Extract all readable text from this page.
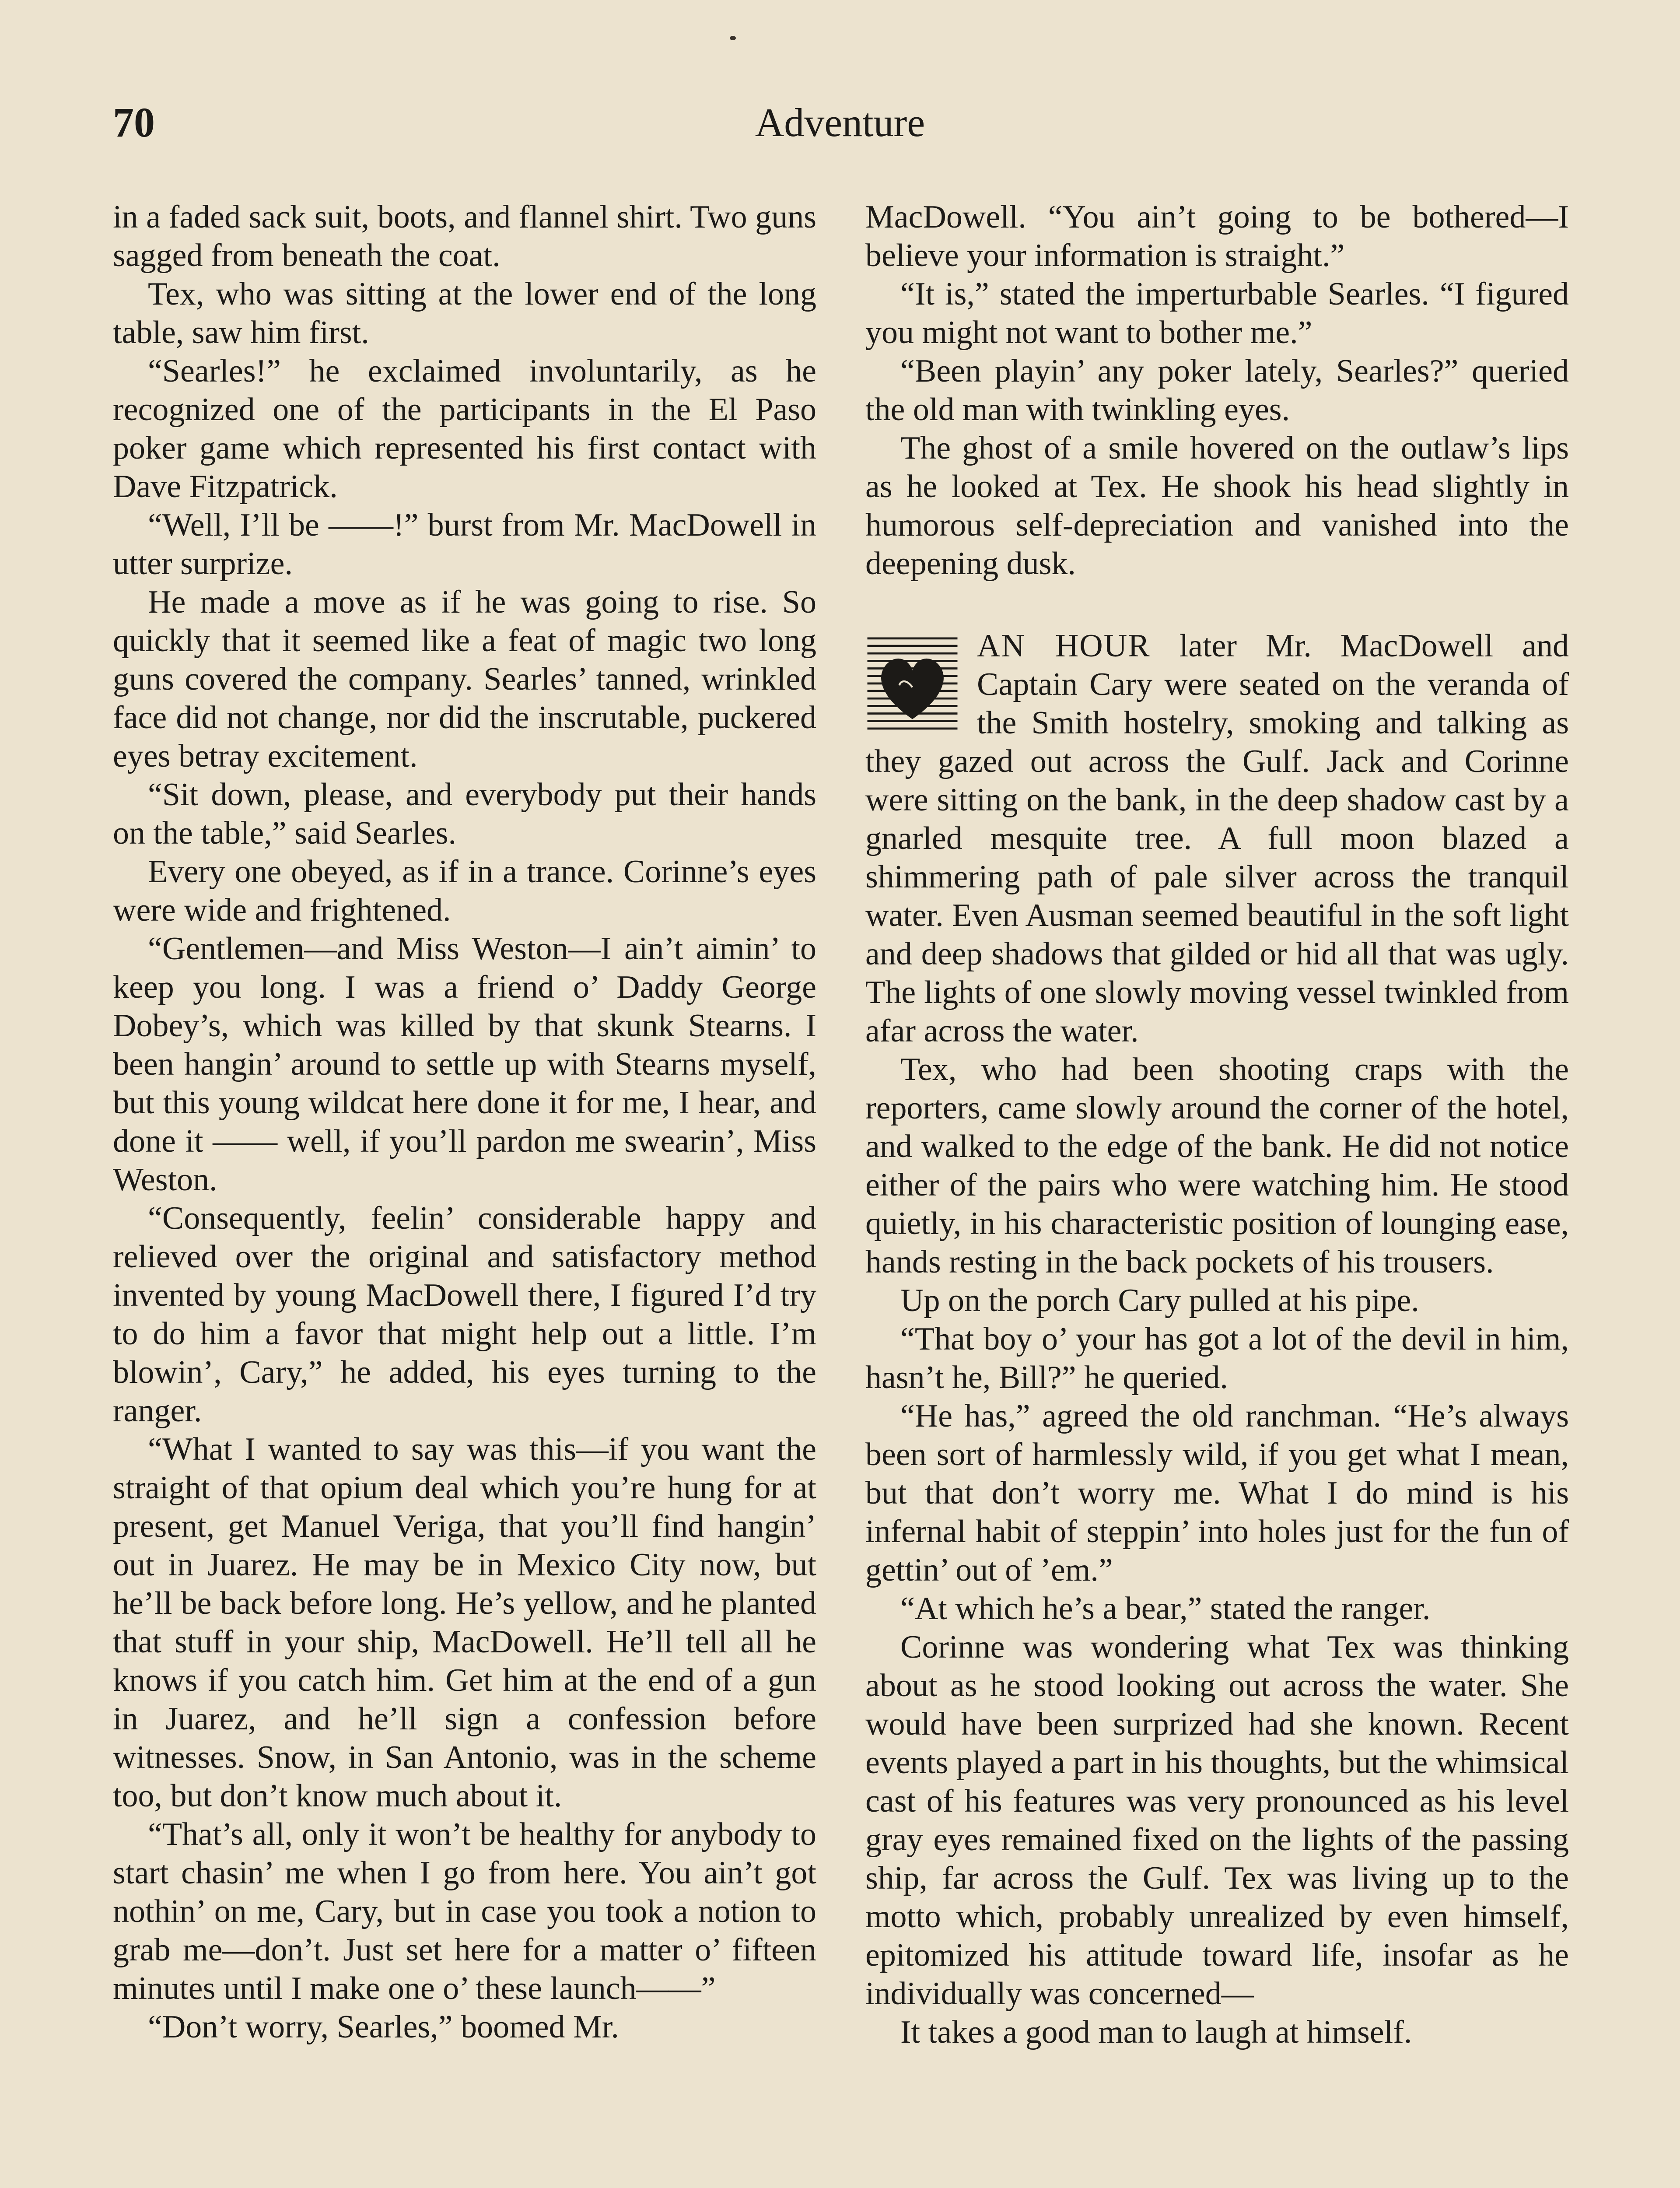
70	Adventure

in a faded sack suit, boots, and flannel shirt. Two guns sagged from beneath the coat.

Tex, who was sitting at the lower end of the long table, saw him first.

“Searles!” he exclaimed involuntarily, as he recognized one of the participants in the El Paso poker game which represented his first contact with Dave Fitzpatrick.

“Well, I’ll be ——!” burst from Mr. MacDowell in utter surprize.

He made a move as if he was going to rise. So quickly that it seemed like a feat of magic two long guns covered the company. Searles’ tanned, wrinkled face did not change, nor did the inscrutable, puckered eyes betray excitement.

“Sit down, please, and everybody put their hands on the table,” said Searles.

Every one obeyed, as if in a trance. Corinne’s eyes were wide and frightened.

“Gentlemen—and Miss Weston—I ain’t aimin’ to keep you long. I was a friend o’ Daddy George Dobey’s, which was killed by that skunk Stearns. I been hangin’ around to settle up with Stearns myself, but this young wildcat here done it for me, I hear, and done it —— well, if you’ll pardon me swearin’, Miss Weston.

“Consequently, feelin’ considerable happy and relieved over the original and satisfactory method invented by young MacDowell there, I figured I’d try to do him a favor that might help out a little. I’m blowin’, Cary,” he added, his eyes turning to the ranger.

“What I wanted to say was this—if you want the straight of that opium deal which you’re hung for at present, get Manuel Veriga, that you’ll find hangin’ out in Juarez. He may be in Mexico City now, but he’ll be back before long. He’s yellow, and he planted that stuff in your ship, MacDowell. He’ll tell all he knows if you catch him. Get him at the end of a gun in Juarez, and he’ll sign a confession before witnesses. Snow, in San Antonio, was in the scheme too, but don’t know much about it.

“That’s all, only it won’t be healthy for anybody to start chasin’ me when I go from here. You ain’t got nothin’ on me, Cary, but in case you took a notion to grab me—don’t. Just set here for a matter o’ fifteen minutes until I make one o’ these launch——”

“Don’t worry, Searles,” boomed Mr.

MacDowell. “You ain’t going to be bothered—I believe your information is straight.”

“It is,” stated the imperturbable Searles. “I figured you might not want to bother me.”

“Been playin’ any poker lately, Searles?” queried the old man with twinkling eyes.

The ghost of a smile hovered on the outlaw’s lips as he looked at Tex. He shook his head slightly in humorous self-depreciation and vanished into the deepening dusk.

AN HOUR later Mr. MacDowell and Captain Cary were seated on the veranda of the Smith hostelry, smoking and talking as they gazed out across the Gulf. Jack and Corinne were sitting on the bank, in the deep shadow cast by a gnarled mesquite tree. A full moon blazed a shimmering path of pale silver across the tranquil water. Even Ausman seemed beautiful in the soft light and deep shadows that gilded or hid all that was ugly. The lights of one slowly moving vessel twinkled from afar across the water.

Tex, who had been shooting craps with the reporters, came slowly around the corner of the hotel, and walked to the edge of the bank. He did not notice either of the pairs who were watching him. He stood quietly, in his characteristic position of lounging ease, hands resting in the back pockets of his trousers.

Up on the porch Cary pulled at his pipe.

“That boy o’ your has got a lot of the devil in him, hasn’t he, Bill?” he queried.

“He has,” agreed the old ranchman. “He’s always been sort of harmlessly wild, if you get what I mean, but that don’t worry me. What I do mind is his infernal habit of steppin’ into holes just for the fun of gettin’ out of ’em.”

“At which he’s a bear,” stated the ranger.

Corinne was wondering what Tex was thinking about as he stood looking out across the water. She would have been surprized had she known. Recent events played a part in his thoughts, but the whimsical cast of his features was very pronounced as his level gray eyes remained fixed on the lights of the passing ship, far across the Gulf. Tex was living up to the motto which, probably unrealized by even himself, epitomized his attitude toward life, insofar as he individually was concerned—

It takes a good man to laugh at himself.
